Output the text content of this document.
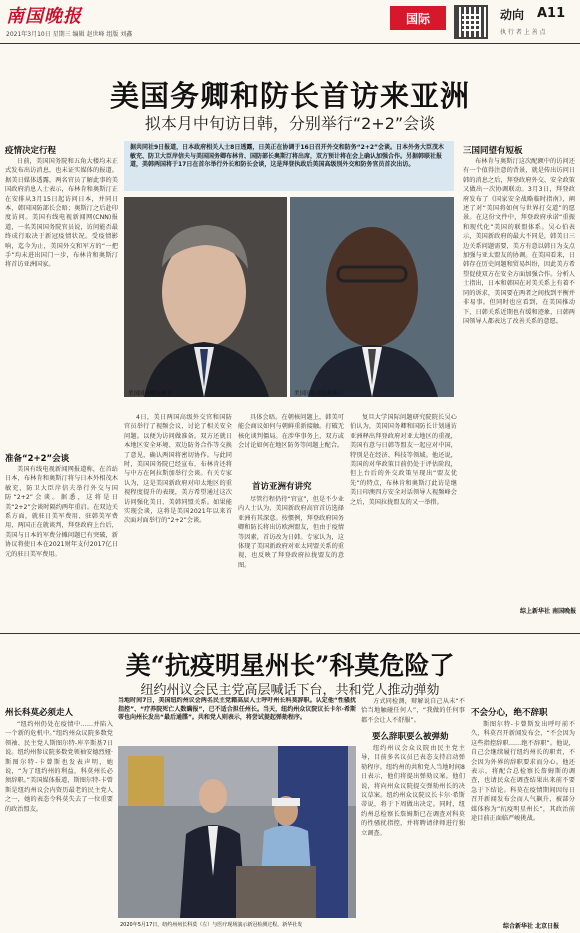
南国晚报
2021年3月10日 星期三 编辑 赵世峰 组版 刘鑫
国际	动向 A11
执 行 者 上 善 点
美国务卿和防长首访来亚洲
拟本月中旬访日韩，分别举行“2+2”会谈
据共同社9日报道，日本政府相关人士8日透露，日美正在协调于16日召开外交和防务“2+2”会谈。日本外务大臣茂木敏充、防卫大臣岸信夫与美国国务卿布林肯、国防部长奥斯汀将出席，双方预计将在会上确认加强合作。另据韩联社报道，美韩两国将于17日在首尔举行外长和防长会谈，这是拜登执政后美国高级别外交和防务官员首次出访。
美国国务卿布林肯	美国国防部长奥斯汀
疫情决定行程

日前，美国国务院和五角大楼均未正式发布出访消息，也未证实媒体的报道。 据美日媒体透露，两名官员了解此事的美国政府消息人士表示，布林肯和奥斯汀正在安排从3月15日起访问日本，并同日本、韩国国防部长会晤；奥斯汀之后赴印度访问。美国有线电视新闻网(CNN)报道，一名美国国务院官员说，访问能否最终成行取决于新冠疫情状况。受疫情影响，迄今为止，美国外交和军方的“一把手”均未进出国门一步，布林肯和奥斯汀将首访亚洲国家。

准备“2+2”会谈

美国有线电视新闻网报道称，在首站日本，布林肯和奥斯汀将与日本外相茂木敏充、防卫大臣岸信夫举行外交与国防“2+2”会谈。据悉，这将是日美“2+2”会谈时隔约两年重启。在双边关系方面，就驻日美军费用、驻韩美军费用，两国正在就谈判，拜登政府上台后，美国与日本的军费分摊问题已有突破，新协议将使日本在2021财年支付2017亿日元的驻日美军费用。

4日，美日两国高级外交官和国防官员举行了视频会议，讨论了相关安全问题。以便为访问做准备。双方还就日本地区安全环境、双边防务合作等交换了意见，确认两国将密切协作。与此同时，美国国务院已经宣布，布林肯还将与中方在阿拉斯加举行会谈。有关专家认为，这是美国新政府对印太地区的重视程度提升的表现，美方希望通过这次访问强化美日、美韩同盟关系。如果能实现会谈，这将是美国2021年以来首次面对面举行的“2+2”会谈。

具体会晤。在朝核问题上，韩美可能会商议如何与朝鲜重新接触。打破无核化谈判僵局。在涉华事务上，双方或会讨论如何在地区防务等问题上配合。

首访亚洲有讲究

尽管行程仍待“官宣”，但是不少业内人士认为，美国新政府高官首访选择亚洲有其深意。按惯例，拜登政府国务卿和防长将出访欧洲盟友，但由于疫情等因素，首访改为日韩。专家认为，这体现了美国新政府对亚太同盟关系的重视，也反映了拜登政府拉拢盟友的意图。

复旦大学国际问题研究院院长吴心伯认为，美国国务卿和国防长计划通访亚洲释出拜登政府对亚太地区的重视，美国有意与日韩等盟友一起应对中国，特别是在经济、科技等领域。他还说，美国的对华政策目前仍处于评估阶段，但上台后的外交政策呈现出“盟友优先”的特点，布林肯和奥斯汀此访是继美日印澳四方安全对话领导人视频峰会之后，美国拉拢盟友的又一举措。

三国同望有短板

布林肯与奥斯汀这次配额中的访问还有一个值得注意的背景，就是传出访问日韩的消息之后，拜登政府外交、安全政策又做出一次协调联动。3月3日，拜登政府发布了《国家安全战略临时指南》，阐述了对“美国将如何与世界打交道”的愿景。在这份文件中，拜登政府承诺“重振和现代化”美国的联盟体系。吴心伯表示，美国新政府的最大不同是，韩美日三边关系问题需要，美方有意以韩日为支点加强与亚太盟友的协调。在美国看来，日韩存在历史问题和贸易纠纷，因此美方希望促使双方在安全方面加强合作。分析人士指出，日本和韩国在对美关系上有着不同的诉求，美国要在两者之间找到平衡并非易事。但同时也应看到，在美国推动下，日韩关系近期也有缓和迹象，日韩两国领导人都表达了改善关系的意愿。

综上新华社 南国晚报
美“抗疫明星州长”科莫危险了
纽约州议会民主党高层喊话下台，共和党人推动弹劾
当地时间7日，美国纽约州议会两名民主党籍高层人士呼吁州长科莫辞职。认定他“性骚扰指控”、“疗养院死亡人数瞒报”，已不适合担任州长。当天，纽约州众议院议长卡尔·希斯蒂也向州长发出“最后通牒”。共和党人则表示，将尝试提起弹劾程序。
州长科莫必须走人

“纽约州仍处在疫情中……并陷入一个新的危机中。”纽约州众议院多数党领袖、民主党人斯图尔特-库辛斯基7日说。纽约州参议院多数党领袖安德烈娅·斯图尔特-卡曾斯也发表声明，她说，“为了纽约州的利益，科莫州长必须辞职。”美国媒体报道，斯图尔特-卡曾斯是纽约州议会内资历最老的民主党人之一，她的表态令科莫失去了一位重要的政治盟友。

2020年5月17日，纽约州州长科莫（左）与医疗现场演示新冠检测过程。新华社发

方式同检测，辩解说自己从未“不恰当地触碰任何人”，“我做的任何事都不会让人不舒服”。

要么辞职要么被弹劾

纽约州议会众议院由民主党主导，目前多名议员已表态支持启动弹劾程序。纽约州的共和党人当地时间8日表示，他们将提出弹劾议案。他们说，将向州众议院提交弹劾州长的决议草案。纽约州众议院议长卡尔·希斯蒂说，将于下周做出决定。同时，纽约州总检察长詹姆斯已在调查对科莫的性骚扰指控，并将聘请律师进行独立调查。

不会分心，绝不辞职

斯图尔特-卡曾斯发出呼吁前不久，科莫召开新闻发布会，“不会因为这些指控辞职……绝不辞职”。他说，自己会继续履行纽约州长的职责，不会因为外界的辞职要求而分心。他还表示，将配合总检察长詹姆斯的调查，也请民众在调查结果出来前不要急于下结论。科莫在疫情期间因每日召开新闻发布会而人气飙升，被部分媒体称为“抗疫明星州长”，其政治前途目前正面临严峻挑战。

综合新华社 北京日报
